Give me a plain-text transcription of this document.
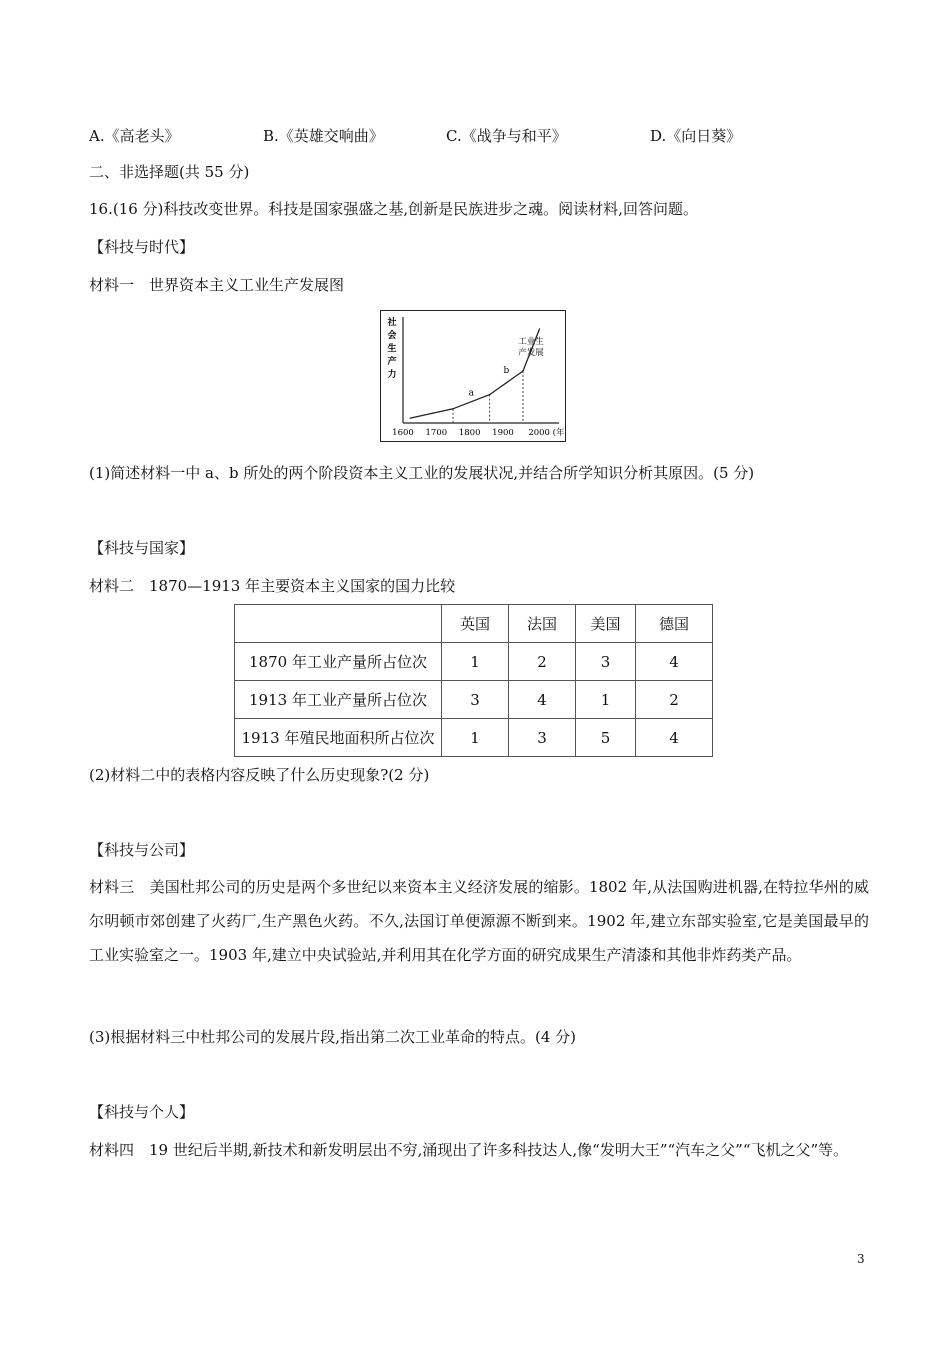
A.《高老头》	B.《英雄交响曲》	C.《战争与和平》	D.《向日葵》
二、非选择题(共 55 分)
16.(16 分)科技改变世界。科技是国家强盛之基,创新是民族进步之魂。阅读材料,回答问题。
【科技与时代】
材料一　世界资本主义工业生产发展图
社
会
生
产
力
工业生
产发展
a
b
1600 1700 1800 1900 2000 (年)
(1)简述材料一中 a、b 所处的两个阶段资本主义工业的发展状况,并结合所学知识分析其原因。(5 分)
【科技与国家】
材料二　1870—1913 年主要资本主义国家的国力比较
	英国	法国	美国	德国
1870 年工业产量所占位次	1	2	3	4
1913 年工业产量所占位次	3	4	1	2
1913 年殖民地面积所占位次	1	3	5	4
(2)材料二中的表格内容反映了什么历史现象?(2 分)
【科技与公司】

材料三　美国杜邦公司的历史是两个多世纪以来资本主义经济发展的缩影。1802 年,从法国购进机器,在特拉华州的威尔明顿市郊创建了火药厂,生产黑色火药。不久,法国订单便源源不断到来。1902 年,建立东部实验室,它是美国最早的工业实验室之一。1903 年,建立中央试验站,并利用其在化学方面的研究成果生产清漆和其他非炸药类产品。

(3)根据材料三中杜邦公司的发展片段,指出第二次工业革命的特点。(4 分)
【科技与个人】

材料四　19 世纪后半期,新技术和新发明层出不穷,涌现出了许多科技达人,像“发明大王”“汽车之父”“飞机之父”等。

3
